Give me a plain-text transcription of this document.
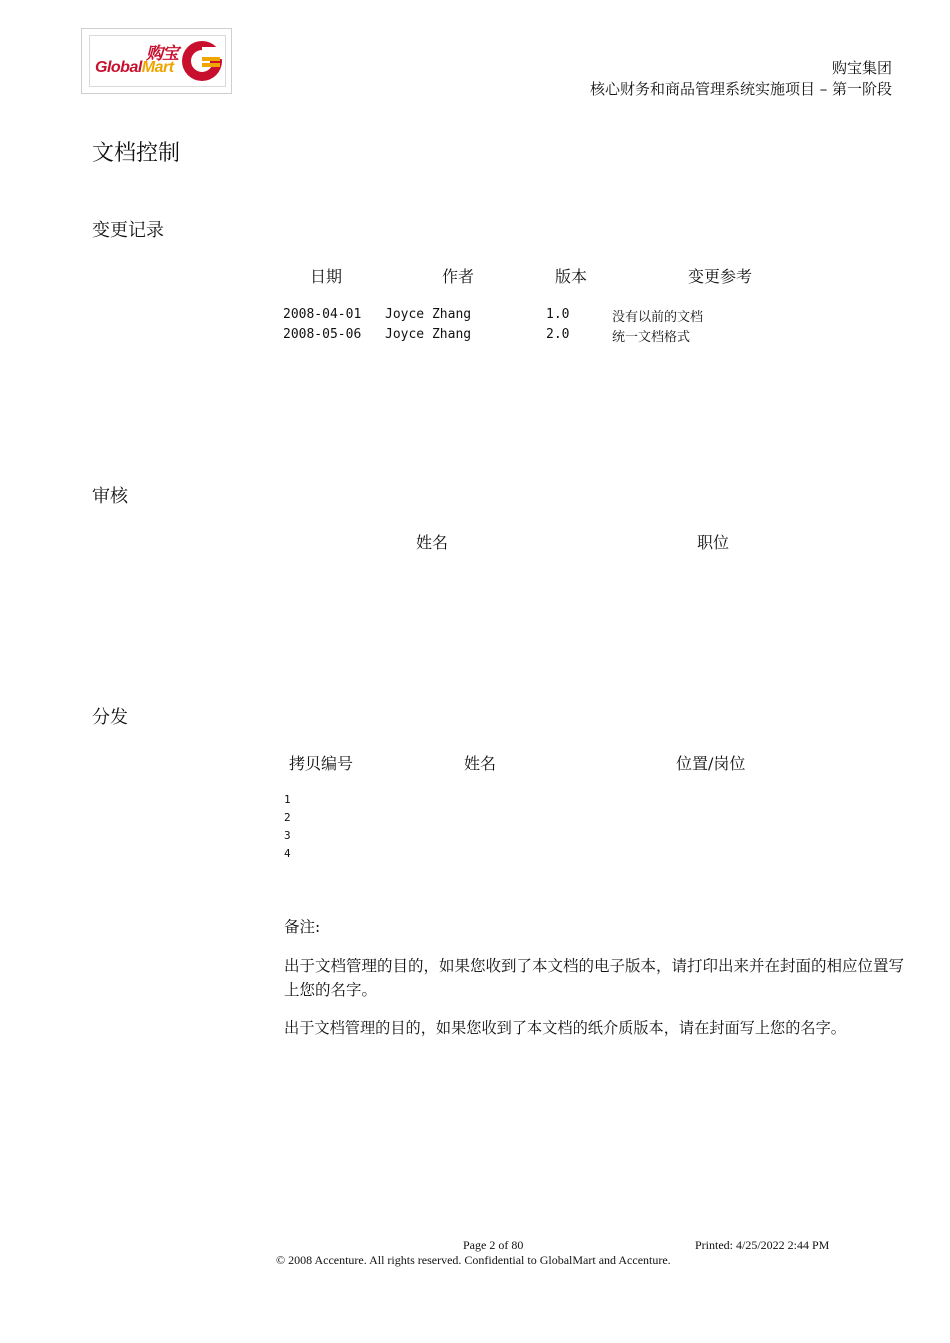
购宝
GlobalMart	购宝集团
核心财务和商品管理系统实施项目 – 第一阶段
文档控制
变更记录
日期	作者	版本	变更参考
2008-04-01 Joyce Zhang	1.0	没有以前的文档
2008-05-06 Joyce Zhang	2.0	统一文档格式
审核
姓名	职位
分发
拷贝编号	姓名	位置/岗位
1
2
3
4
备注:
出于文档管理的目的，如果您收到了本文档的电子版本，请打印出来并在封面的相应位置写上您的名字。
出于文档管理的目的，如果您收到了本文档的纸介质版本，请在封面写上您的名字。
Page 2 of 80	Printed: 4/25/2022 2:44 PM
© 2008 Accenture. All rights reserved. Confidential to GlobalMart and Accenture.
